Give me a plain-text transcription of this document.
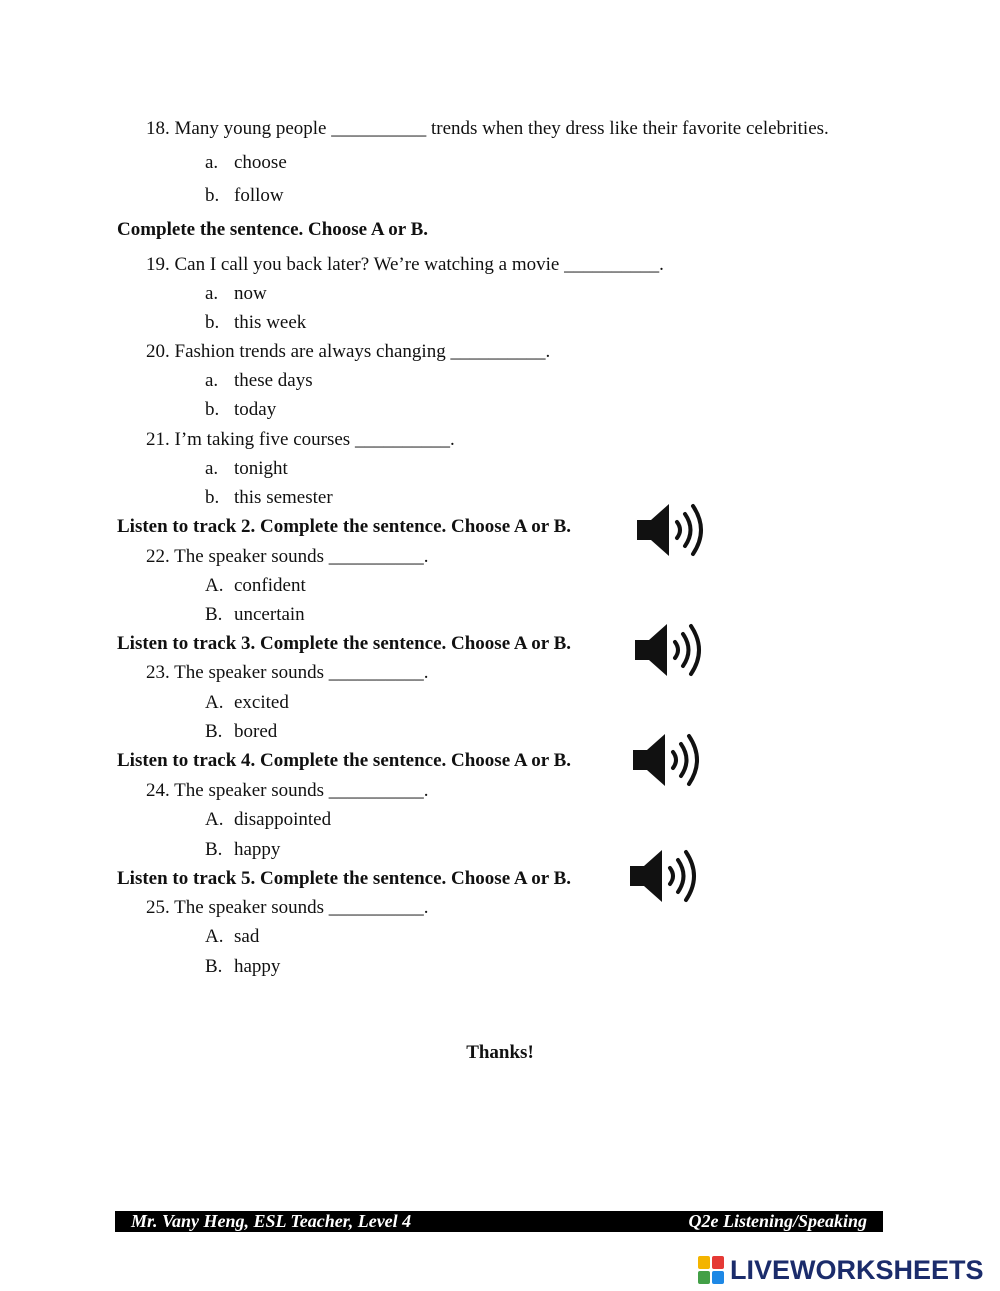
18. Many young people __________ trends when they dress like their favorite celebrities.
a. choose
b. follow
Complete the sentence. Choose A or B.
19. Can I call you back later? We’re watching a movie __________.
a. now
b. this week
20. Fashion trends are always changing __________.
a. these days
b. today
21. I’m taking five courses __________.
a. tonight
b. this semester
Listen to track 2. Complete the sentence. Choose A or B.
22. The speaker sounds __________.
A. confident
B. uncertain
Listen to track 3. Complete the sentence. Choose A or B.
23. The speaker sounds __________.
A. excited
B. bored
Listen to track 4. Complete the sentence. Choose A or B.
24. The speaker sounds __________.
A. disappointed
B. happy
Listen to track 5. Complete the sentence. Choose A or B.
25. The speaker sounds __________.
A. sad
B. happy
Thanks!
Mr. Vany Heng, ESL Teacher, Level 4	Q2e Listening/Speaking
LIVEWORKSHEETS
